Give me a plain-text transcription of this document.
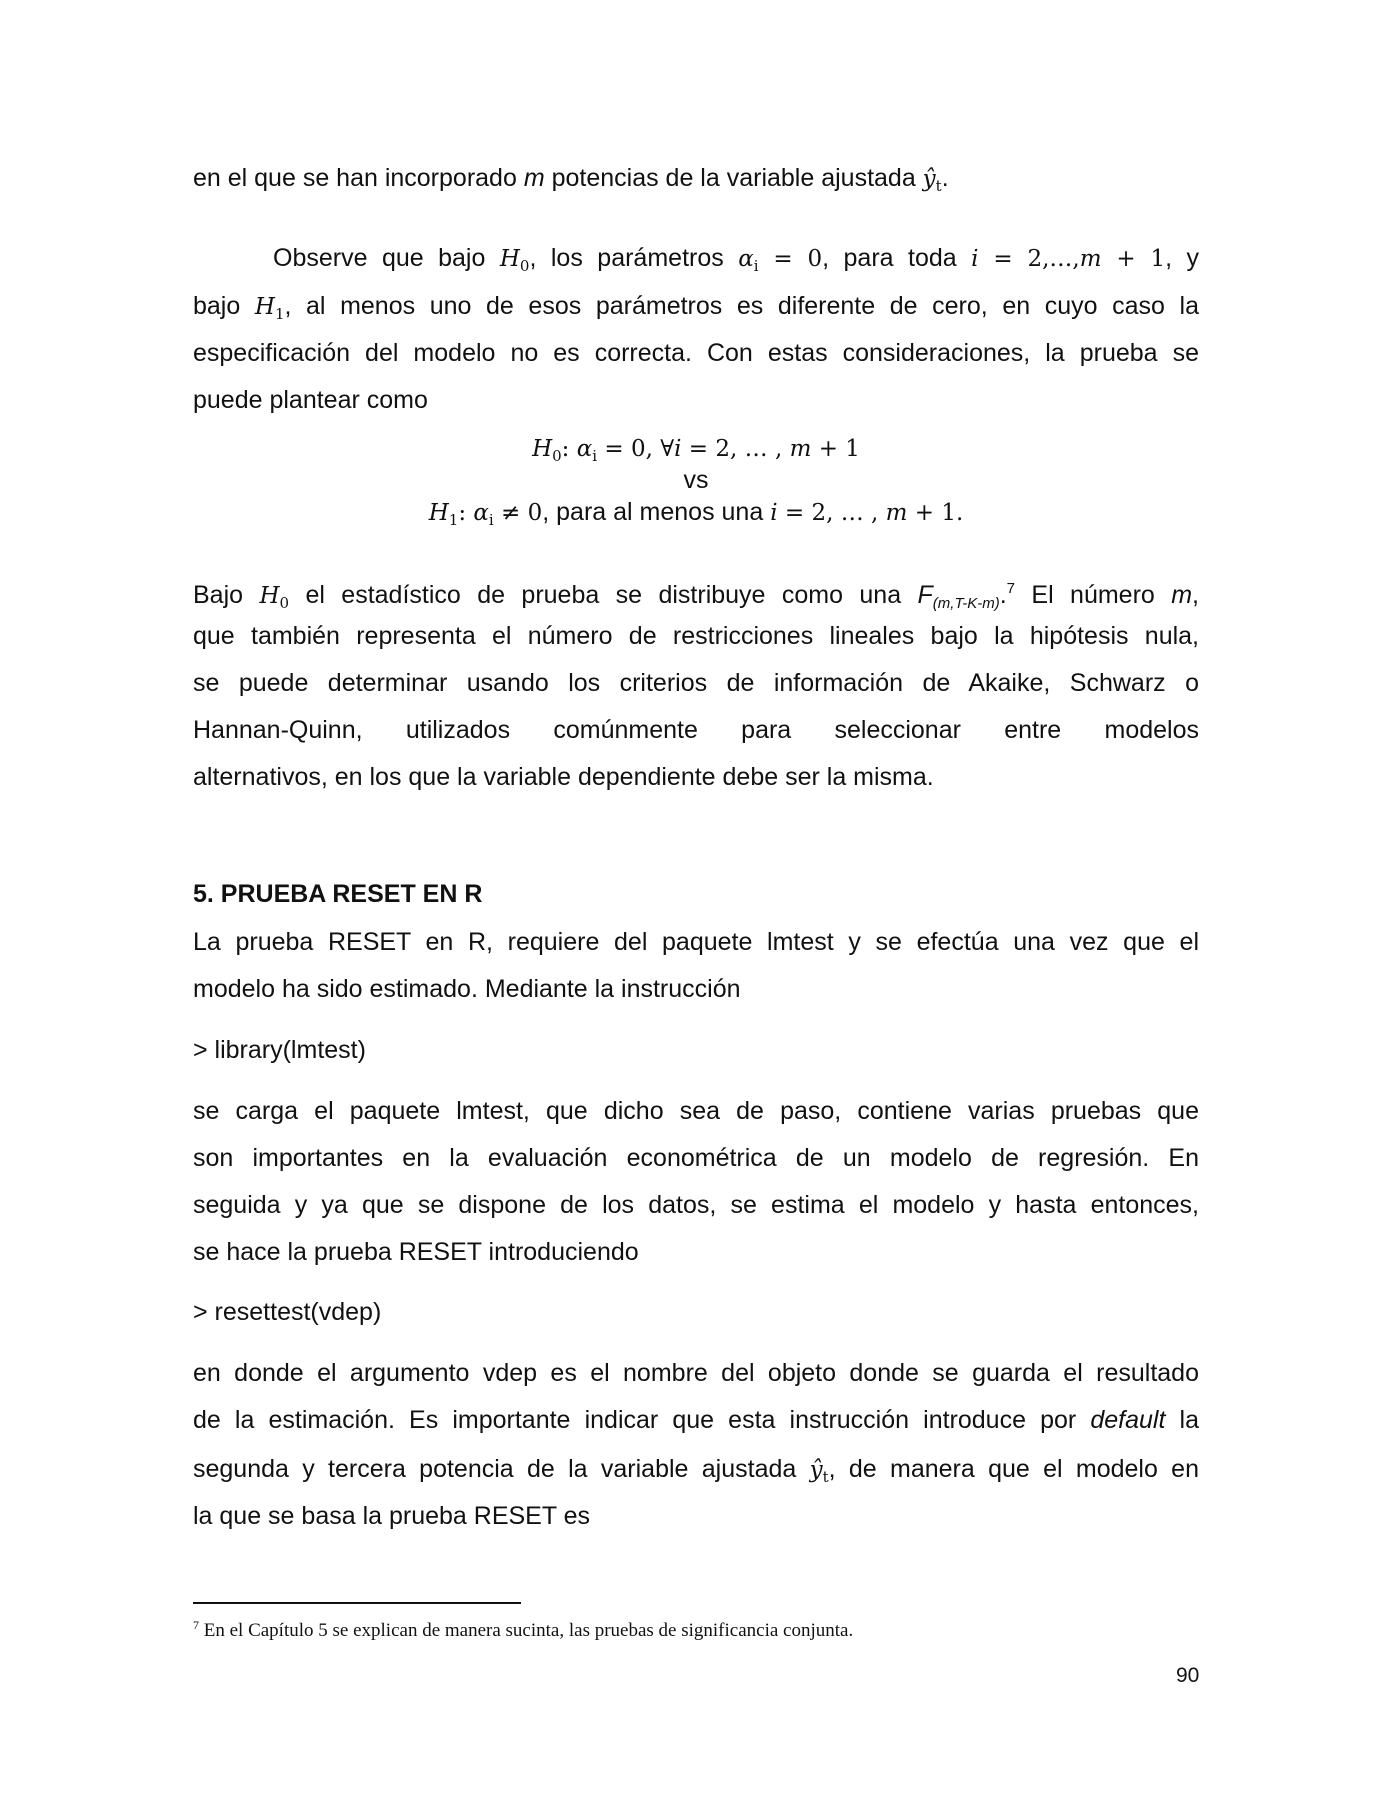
en el que se han incorporado m potencias de la variable ajustada $ŷ_t$.
Observe que bajo $H_0$, los parámetros $\alpha_i = 0$, para toda i = 2,…,m + 1, y
bajo $H_1$, al menos uno de esos parámetros es diferente de cero, en cuyo caso la
especificación del modelo no es correcta. Con estas consideraciones, la prueba se
puede plantear como
$H_0$: $\alpha_i = 0$, ∀i = 2, … , m + 1
vs
$H_1$: $\alpha_i \ne 0$, para al menos una i = 2, … , m + 1.
Bajo $H_0$ el estadístico de prueba se distribuye como una $F_{(m,T-K-m)}.^7$ El número m,
que también representa el número de restricciones lineales bajo la hipótesis nula,
se puede determinar usando los criterios de información de Akaike, Schwarz o
Hannan-Quinn, utilizados comúnmente para seleccionar entre modelos
alternativos, en los que la variable dependiente debe ser la misma.
5. PRUEBA RESET EN R
La prueba RESET en R, requiere del paquete lmtest y se efectúa una vez que el
modelo ha sido estimado. Mediante la instrucción
> library(lmtest)
se carga el paquete lmtest, que dicho sea de paso, contiene varias pruebas que
son importantes en la evaluación econométrica de un modelo de regresión. En
seguida y ya que se dispone de los datos, se estima el modelo y hasta entonces,
se hace la prueba RESET introduciendo
> resettest(vdep)
en donde el argumento vdep es el nombre del objeto donde se guarda el resultado
de la estimación. Es importante indicar que esta instrucción introduce por default la
segunda y tercera potencia de la variable ajustada $ŷ_t$, de manera que el modelo en
la que se basa la prueba RESET es
$^7$ En el Capítulo 5 se explican de manera sucinta, las pruebas de significancia conjunta.
90
